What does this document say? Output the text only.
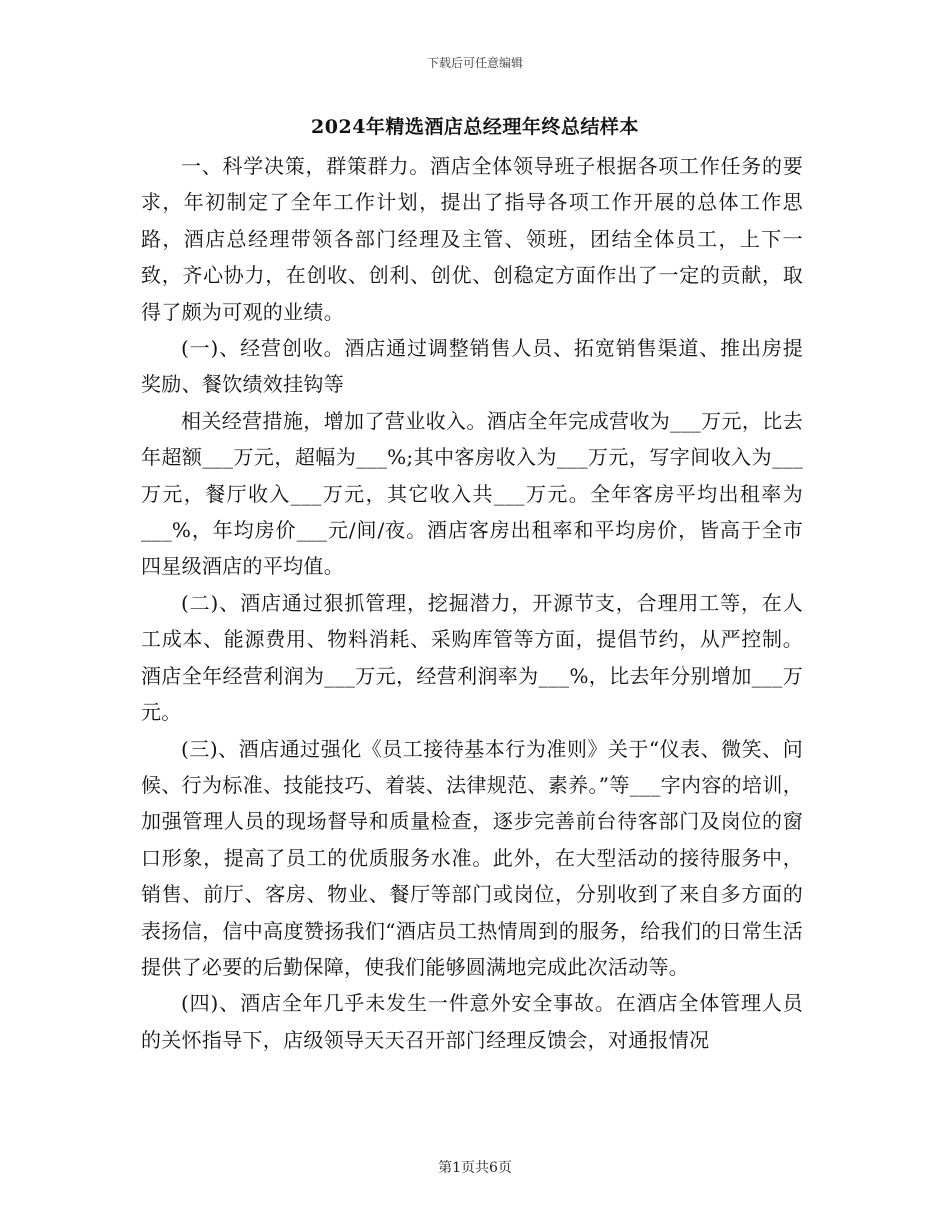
下载后可任意编辑
2024年精选酒店总经理年终总结样本

一、科学决策，群策群力。酒店全体领导班子根据各项工作任务的要求，年初制定了全年工作计划，提出了指导各项工作开展的总体工作思路，酒店总经理带领各部门经理及主管、领班，团结全体员工，上下一致，齐心协力，在创收、创利、创优、创稳定方面作出了一定的贡献，取得了颇为可观的业绩。

(一)、经营创收。酒店通过调整销售人员、拓宽销售渠道、推出房提奖励、餐饮绩效挂钩等

相关经营措施，增加了营业收入。酒店全年完成营收为___万元，比去年超额___万元，超幅为___%;其中客房收入为___万元，写字间收入为___万元，餐厅收入___万元，其它收入共___万元。全年客房平均出租率为___%，年均房价___元/间/夜。酒店客房出租率和平均房价，皆高于全市四星级酒店的平均值。

(二)、酒店通过狠抓管理，挖掘潜力，开源节支，合理用工等，在人工成本、能源费用、物料消耗、采购库管等方面，提倡节约，从严控制。酒店全年经营利润为___万元，经营利润率为___%，比去年分别增加___万元。

(三)、酒店通过强化《员工接待基本行为准则》关于“仪表、微笑、问候、行为标准、技能技巧、着装、法律规范、素养。”等___字内容的培训，加强管理人员的现场督导和质量检查，逐步完善前台待客部门及岗位的窗口形象，提高了员工的优质服务水准。此外，在大型活动的接待服务中，销售、前厅、客房、物业、餐厅等部门或岗位，分别收到了来自多方面的表扬信，信中高度赞扬我们“酒店员工热情周到的服务，给我们的日常生活提供了必要的后勤保障，使我们能够圆满地完成此次活动等。

(四)、酒店全年几乎未发生一件意外安全事故。在酒店全体管理人员的关怀指导下，店级领导天天召开部门经理反馈会，对通报情况

第1页共6页
